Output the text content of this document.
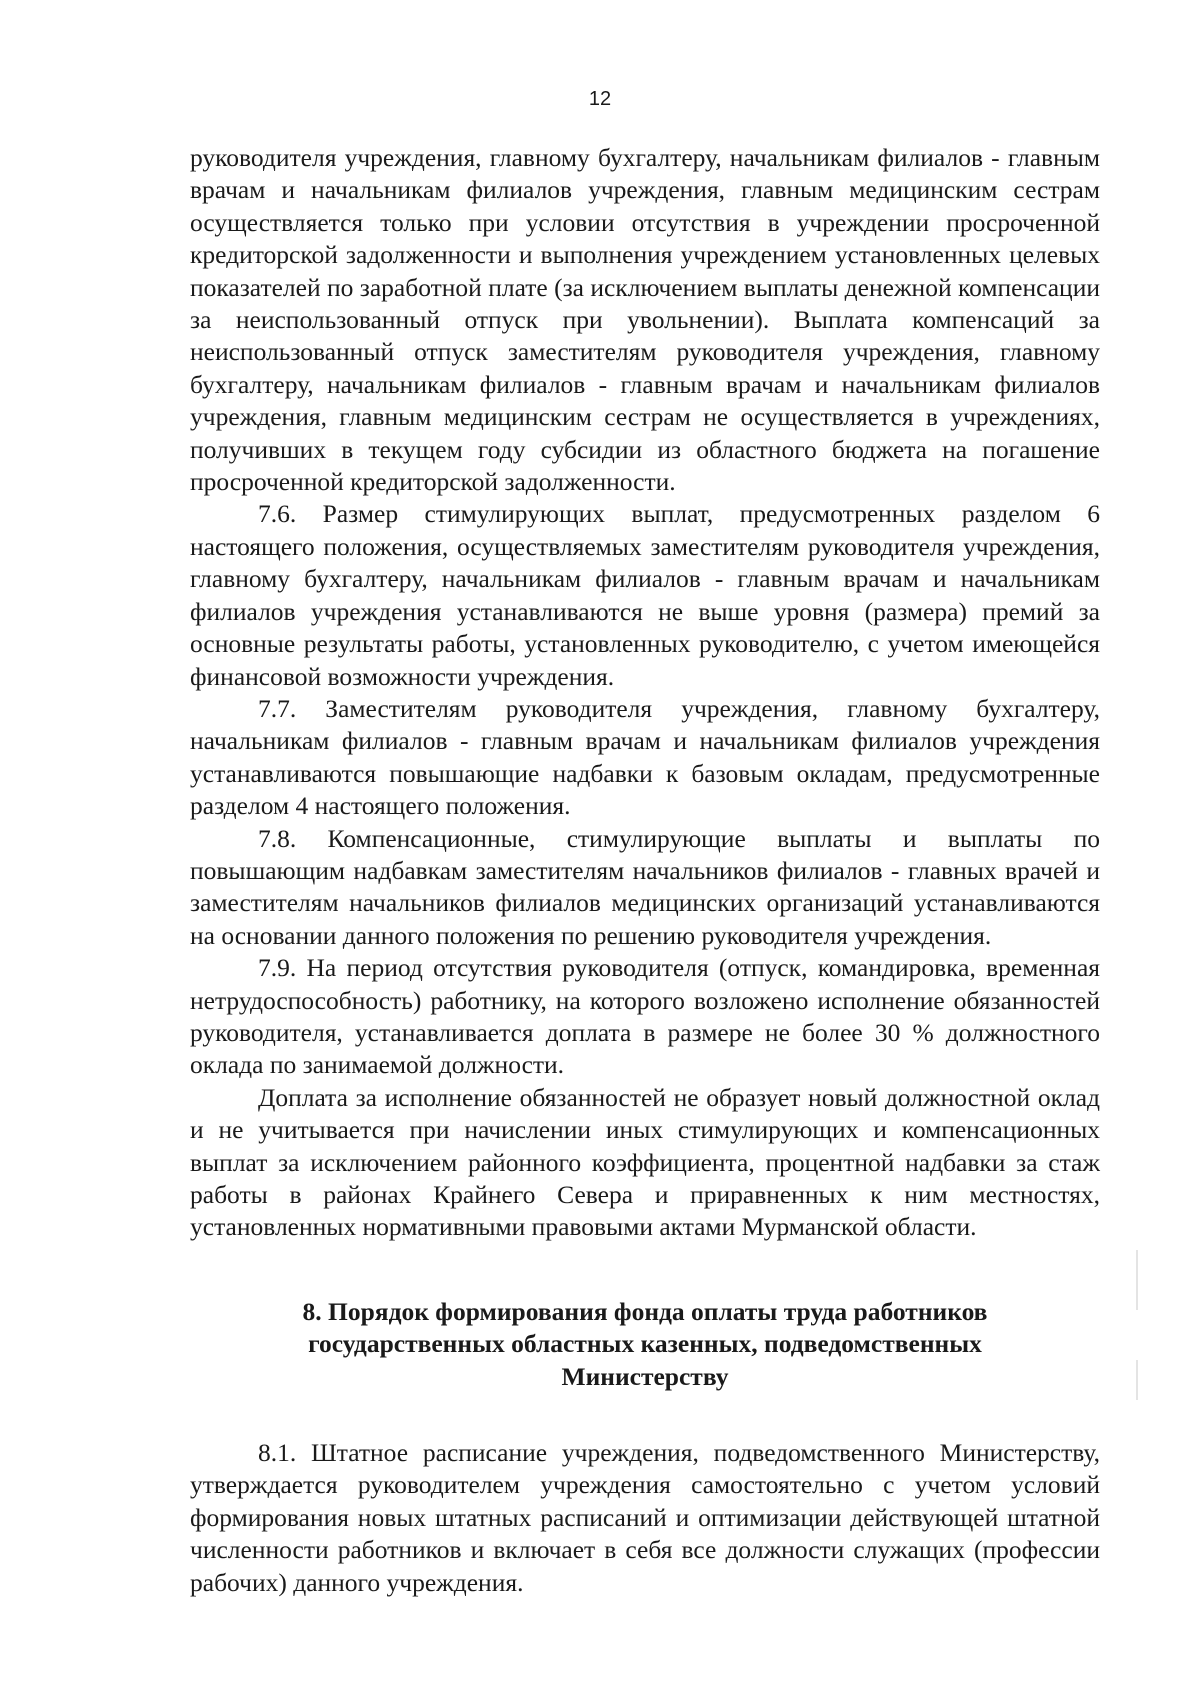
12

руководителя учреждения, главному бухгалтеру, начальникам филиалов - главным врачам и начальникам филиалов учреждения, главным медицинским сестрам осуществляется только при условии отсутствия в учреждении просроченной кредиторской задолженности и выполнения учреждением установленных целевых показателей по заработной плате (за исключением выплаты денежной компенсации за неиспользованный отпуск при увольнении). Выплата компенсаций за неиспользованный отпуск заместителям руководителя учреждения, главному бухгалтеру, начальникам филиалов - главным врачам и начальникам филиалов учреждения, главным медицинским сестрам не осуществляется в учреждениях, получивших в текущем году субсидии из областного бюджета на погашение просроченной кредиторской задолженности.

7.6. Размер стимулирующих выплат, предусмотренных разделом 6 настоящего положения, осуществляемых заместителям руководителя учреждения, главному бухгалтеру, начальникам филиалов - главным врачам и начальникам филиалов учреждения устанавливаются не выше уровня (размера) премий за основные результаты работы, установленных руководителю, с учетом имеющейся финансовой возможности учреждения.

7.7. Заместителям руководителя учреждения, главному бухгалтеру, начальникам филиалов - главным врачам и начальникам филиалов учреждения устанавливаются повышающие надбавки к базовым окладам, предусмотренные разделом 4 настоящего положения.

7.8. Компенсационные, стимулирующие выплаты и выплаты по повышающим надбавкам заместителям начальников филиалов - главных врачей и заместителям начальников филиалов медицинских организаций устанавливаются на основании данного положения по решению руководителя учреждения.

7.9. На период отсутствия руководителя (отпуск, командировка, временная нетрудоспособность) работнику, на которого возложено исполнение обязанностей руководителя, устанавливается доплата в размере не более 30 % должностного оклада по занимаемой должности.

Доплата за исполнение обязанностей не образует новый должностной оклад и не учитывается при начислении иных стимулирующих и компенсационных выплат за исключением районного коэффициента, процентной надбавки за стаж работы в районах Крайнего Севера и приравненных к ним местностях, установленных нормативными правовыми актами Мурманской области.

8. Порядок формирования фонда оплаты труда работников
государственных областных казенных, подведомственных
Министерству

8.1. Штатное расписание учреждения, подведомственного Министерству, утверждается руководителем учреждения самостоятельно с учетом условий формирования новых штатных расписаний и оптимизации действующей штатной численности работников и включает в себя все должности служащих (профессии рабочих) данного учреждения.
